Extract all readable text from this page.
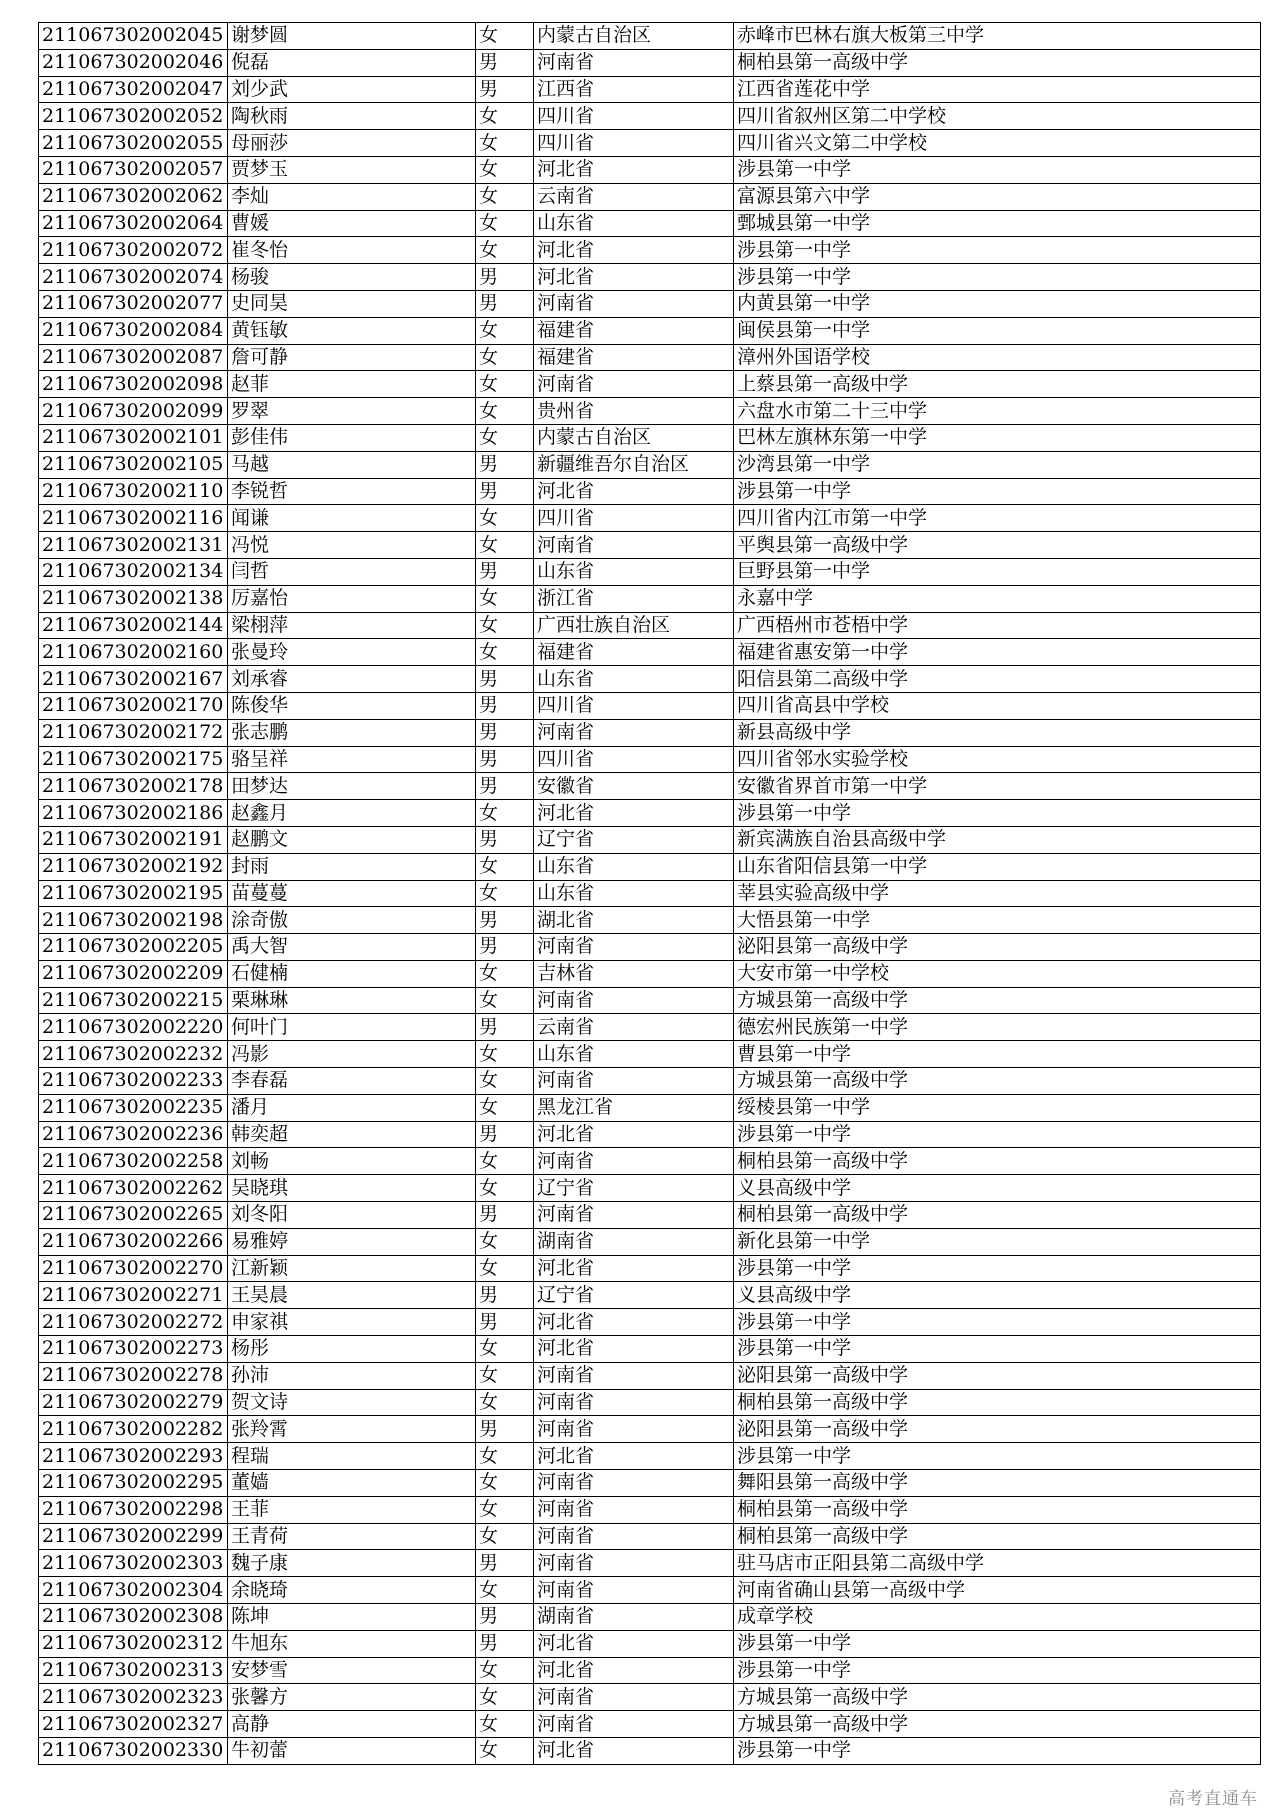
211067302002045	谢梦圆	女	内蒙古自治区	赤峰市巴林右旗大板第三中学
211067302002046	倪磊	男	河南省	桐柏县第一高级中学
211067302002047	刘少武	男	江西省	江西省莲花中学
211067302002052	陶秋雨	女	四川省	四川省叙州区第二中学校
211067302002055	母丽莎	女	四川省	四川省兴文第二中学校
211067302002057	贾梦玉	女	河北省	涉县第一中学
211067302002062	李灿	女	云南省	富源县第六中学
211067302002064	曹媛	女	山东省	鄄城县第一中学
211067302002072	崔冬怡	女	河北省	涉县第一中学
211067302002074	杨骏	男	河北省	涉县第一中学
211067302002077	史同昊	男	河南省	内黄县第一中学
211067302002084	黄钰敏	女	福建省	闽侯县第一中学
211067302002087	詹可静	女	福建省	漳州外国语学校
211067302002098	赵菲	女	河南省	上蔡县第一高级中学
211067302002099	罗翠	女	贵州省	六盘水市第二十三中学
211067302002101	彭佳伟	女	内蒙古自治区	巴林左旗林东第一中学
211067302002105	马越	男	新疆维吾尔自治区	沙湾县第一中学
211067302002110	李锐哲	男	河北省	涉县第一中学
211067302002116	闻谦	女	四川省	四川省内江市第一中学
211067302002131	冯悦	女	河南省	平舆县第一高级中学
211067302002134	闫哲	男	山东省	巨野县第一中学
211067302002138	厉嘉怡	女	浙江省	永嘉中学
211067302002144	梁栩萍	女	广西壮族自治区	广西梧州市苍梧中学
211067302002160	张曼玲	女	福建省	福建省惠安第一中学
211067302002167	刘承睿	男	山东省	阳信县第二高级中学
211067302002170	陈俊华	男	四川省	四川省高县中学校
211067302002172	张志鹏	男	河南省	新县高级中学
211067302002175	骆呈祥	男	四川省	四川省邻水实验学校
211067302002178	田梦达	男	安徽省	安徽省界首市第一中学
211067302002186	赵鑫月	女	河北省	涉县第一中学
211067302002191	赵鹏文	男	辽宁省	新宾满族自治县高级中学
211067302002192	封雨	女	山东省	山东省阳信县第一中学
211067302002195	苗蔓蔓	女	山东省	莘县实验高级中学
211067302002198	涂奇傲	男	湖北省	大悟县第一中学
211067302002205	禹大智	男	河南省	泌阳县第一高级中学
211067302002209	石健楠	女	吉林省	大安市第一中学校
211067302002215	栗琳琳	女	河南省	方城县第一高级中学
211067302002220	何叶门	男	云南省	德宏州民族第一中学
211067302002232	冯影	女	山东省	曹县第一中学
211067302002233	李春磊	女	河南省	方城县第一高级中学
211067302002235	潘月	女	黑龙江省	绥棱县第一中学
211067302002236	韩奕超	男	河北省	涉县第一中学
211067302002258	刘畅	女	河南省	桐柏县第一高级中学
211067302002262	吴晓琪	女	辽宁省	义县高级中学
211067302002265	刘冬阳	男	河南省	桐柏县第一高级中学
211067302002266	易雅婷	女	湖南省	新化县第一中学
211067302002270	江新颖	女	河北省	涉县第一中学
211067302002271	王昊晨	男	辽宁省	义县高级中学
211067302002272	申家祺	男	河北省	涉县第一中学
211067302002273	杨彤	女	河北省	涉县第一中学
211067302002278	孙沛	女	河南省	泌阳县第一高级中学
211067302002279	贺文诗	女	河南省	桐柏县第一高级中学
211067302002282	张羚霄	男	河南省	泌阳县第一高级中学
211067302002293	程瑞	女	河北省	涉县第一中学
211067302002295	董嫱	女	河南省	舞阳县第一高级中学
211067302002298	王菲	女	河南省	桐柏县第一高级中学
211067302002299	王青荷	女	河南省	桐柏县第一高级中学
211067302002303	魏子康	男	河南省	驻马店市正阳县第二高级中学
211067302002304	余晓琦	女	河南省	河南省确山县第一高级中学
211067302002308	陈坤	男	湖南省	成章学校
211067302002312	牛旭东	男	河北省	涉县第一中学
211067302002313	安梦雪	女	河北省	涉县第一中学
211067302002323	张馨方	女	河南省	方城县第一高级中学
211067302002327	高静	女	河南省	方城县第一高级中学
211067302002330	牛初蕾	女	河北省	涉县第一中学
高考直通车
